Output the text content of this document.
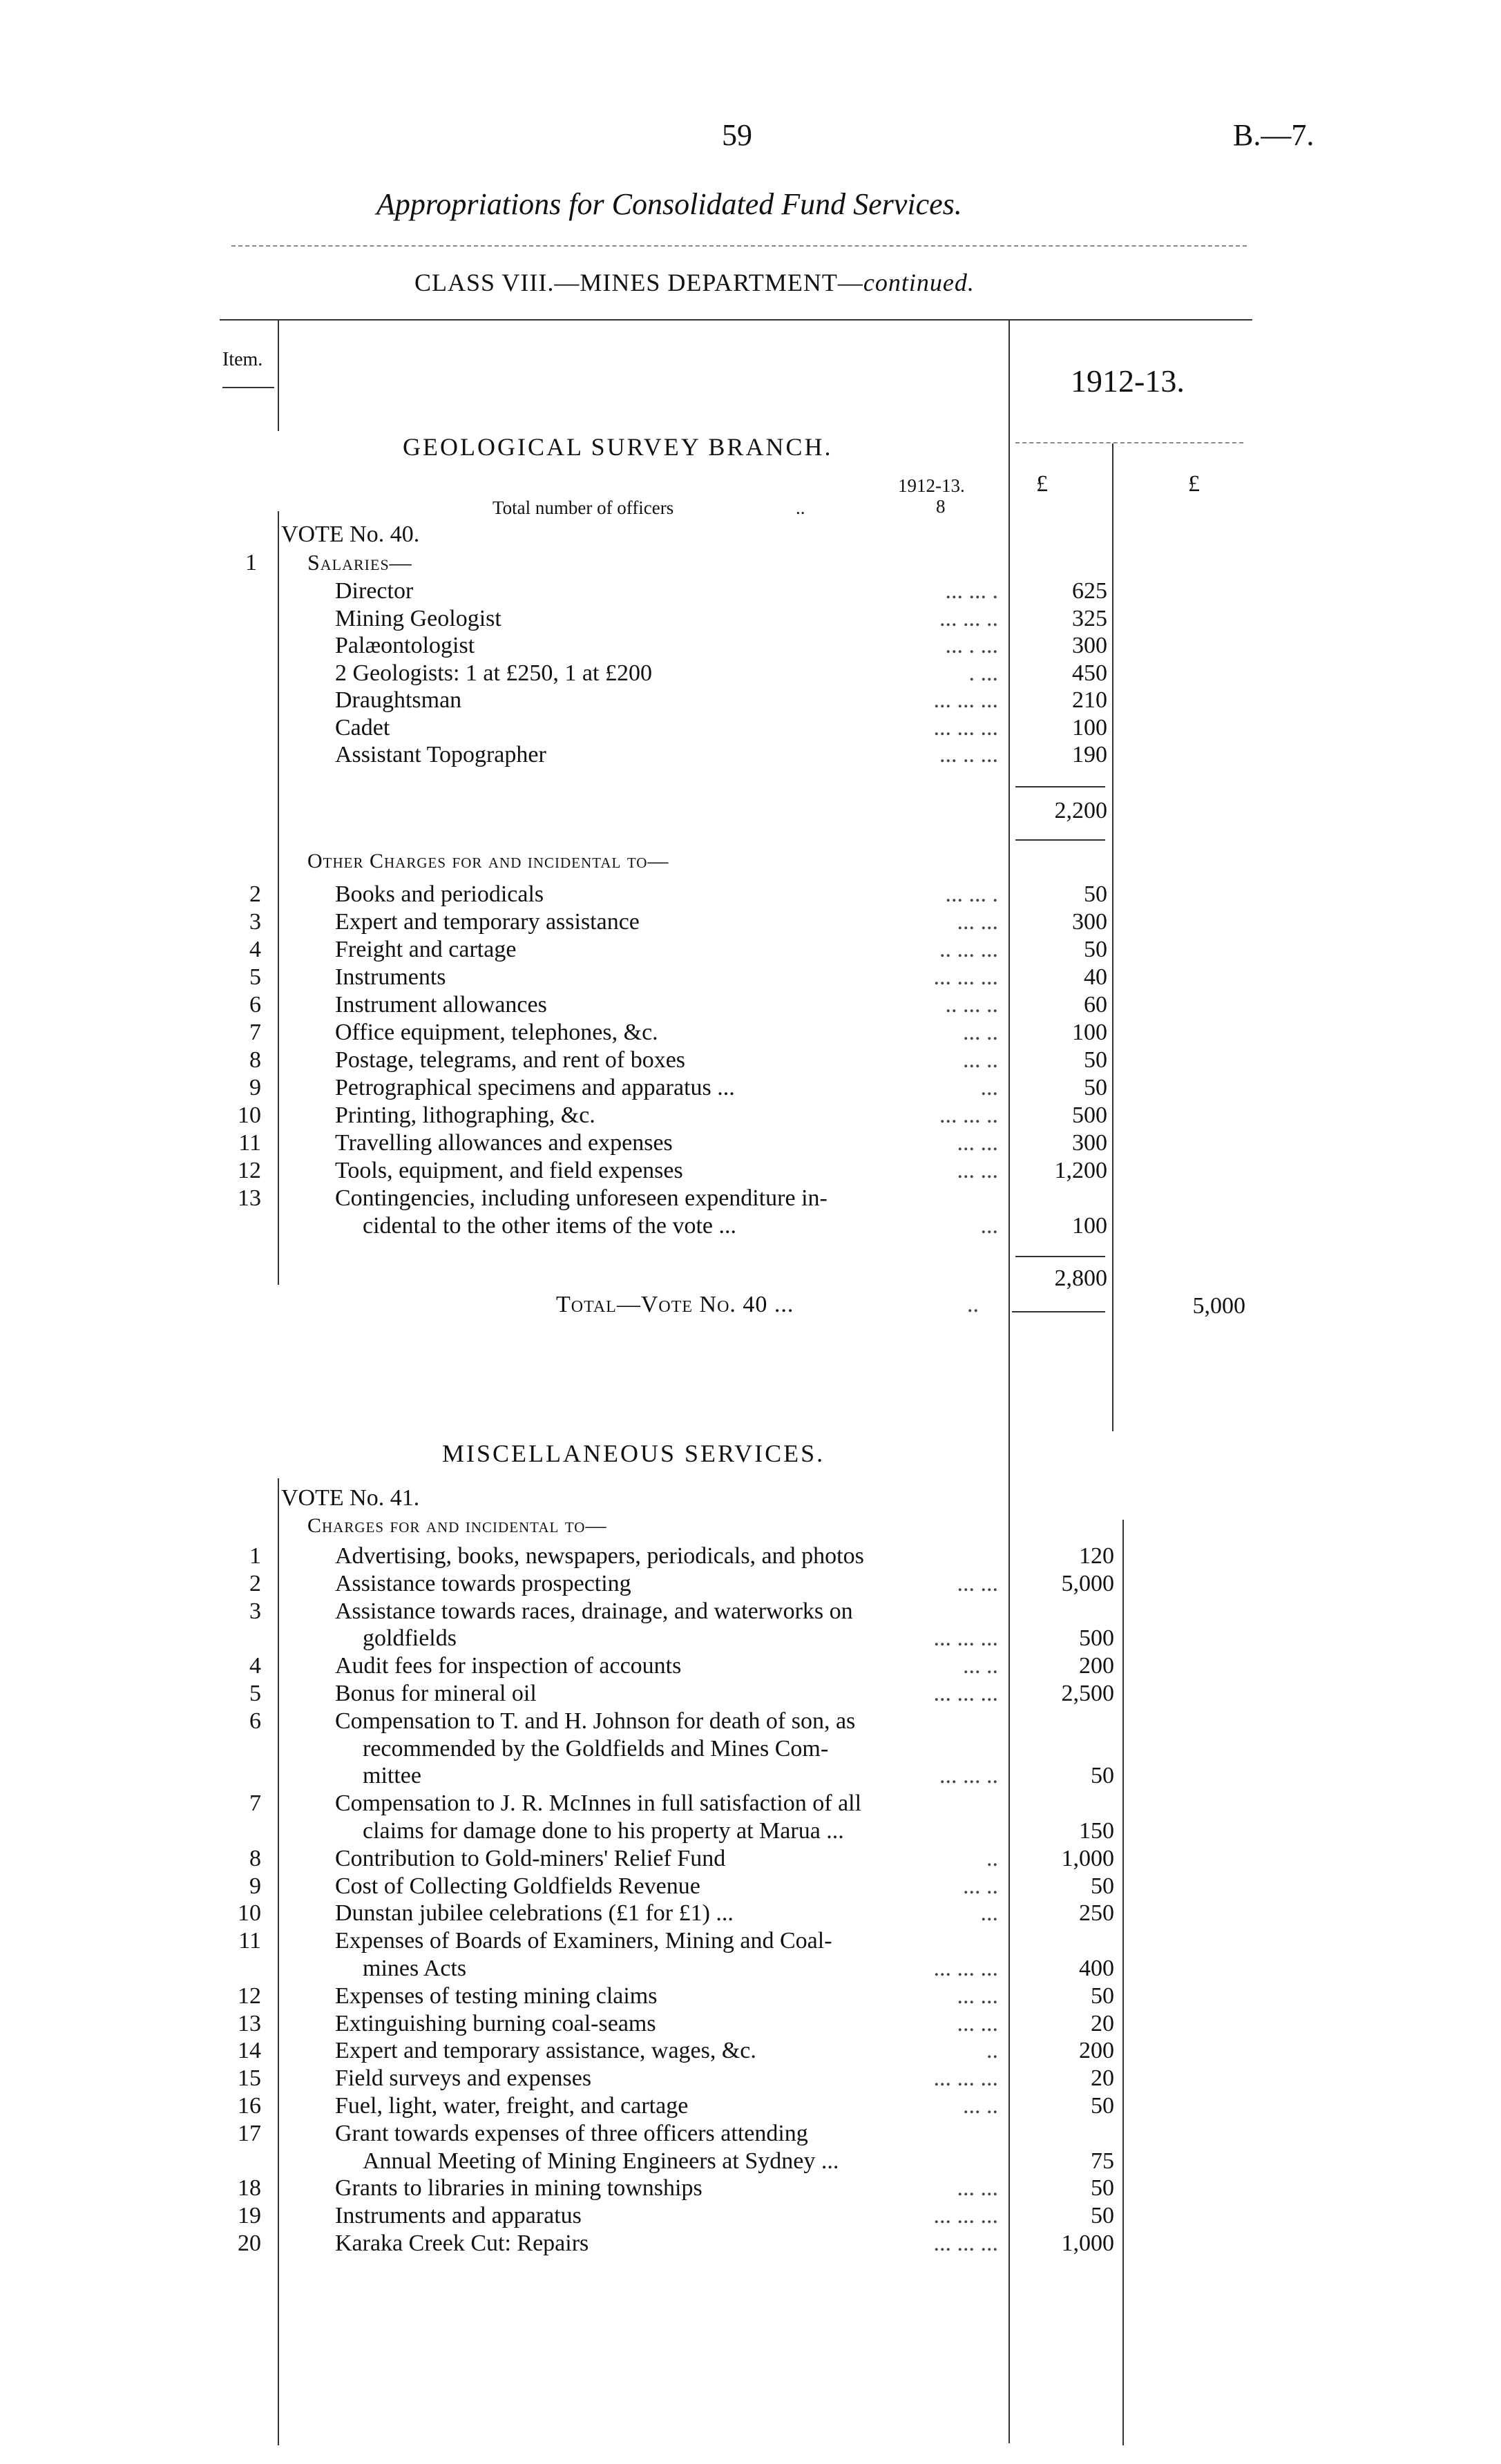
59	B.—7.
Appropriations for Consolidated Fund Services.
CLASS VIII.—MINES DEPARTMENT—continued.
Item.
1912-13.
GEOLOGICAL SURVEY BRANCH.
1912-13.
Total number of officers	..	8
£	£
VOTE No. 40.
1 Salaries—
Director	... ... .	625
Mining Geologist	... ... ..	325
Palæontologist	... . ...	300
2 Geologists: 1 at £250, 1 at £200	. ...	450
Draughtsman	... ... ...	210
Cadet	... ... ...	100
Assistant Topographer	... .. ...	190
2,200
Other Charges for and incidental to—
2	Books and periodicals	... ... .	50
3	Expert and temporary assistance	... ...	300
4	Freight and cartage	.. ... ...	50
5	Instruments	... ... ...	40
6	Instrument allowances	.. ... ..	60
7	Office equipment, telephones, &c.	... ..	100
8	Postage, telegrams, and rent of boxes	... ..	50
9	Petrographical specimens and apparatus ...	...	50
10	Printing, lithographing, &c.	... ... ..	500
11	Travelling allowances and expenses	... ...	300
12	Tools, equipment, and field expenses	... ... 1,200
13	Contingencies, including unforeseen expenditure in-
cidental to the other items of the vote ...	...	100
2,800
Total—Vote No. 40 ...	..	5,000
MISCELLANEOUS SERVICES.
VOTE No. 41.
Charges for and incidental to—
1	Advertising, books, newspapers, periodicals, and photos	120
2	Assistance towards prospecting	... ...	5,000
3	Assistance towards races, drainage, and waterworks on
goldfields	... ... ...	500
4	Audit fees for inspection of accounts	... ..	200
5	Bonus for mineral oil	... ... ...	2,500
6	Compensation to T. and H. Johnson for death of son, as
recommended by the Goldfields and Mines Com-
mittee	... ... ..	50
7	Compensation to J. R. McInnes in full satisfaction of all
claims for damage done to his property at Marua ...	150
8	Contribution to Gold-miners' Relief Fund	..	1,000
9	Cost of Collecting Goldfields Revenue	... ..	50
10	Dunstan jubilee celebrations (£1 for £1) ...	...	250
11	Expenses of Boards of Examiners, Mining and Coal-
mines Acts	... ... ...	400
12	Expenses of testing mining claims	... ...	50
13	Extinguishing burning coal-seams	... ...	20
14	Expert and temporary assistance, wages, &c.	..	200
15	Field surveys and expenses	... ... ...	20
16	Fuel, light, water, freight, and cartage	... ..	50
17	Grant towards expenses of three officers attending
Annual Meeting of Mining Engineers at Sydney ...	75
18	Grants to libraries in mining townships	... ...	50
19	Instruments and apparatus	... ... ...	50
20	Karaka Creek Cut: Repairs	... ... ...	1,000
